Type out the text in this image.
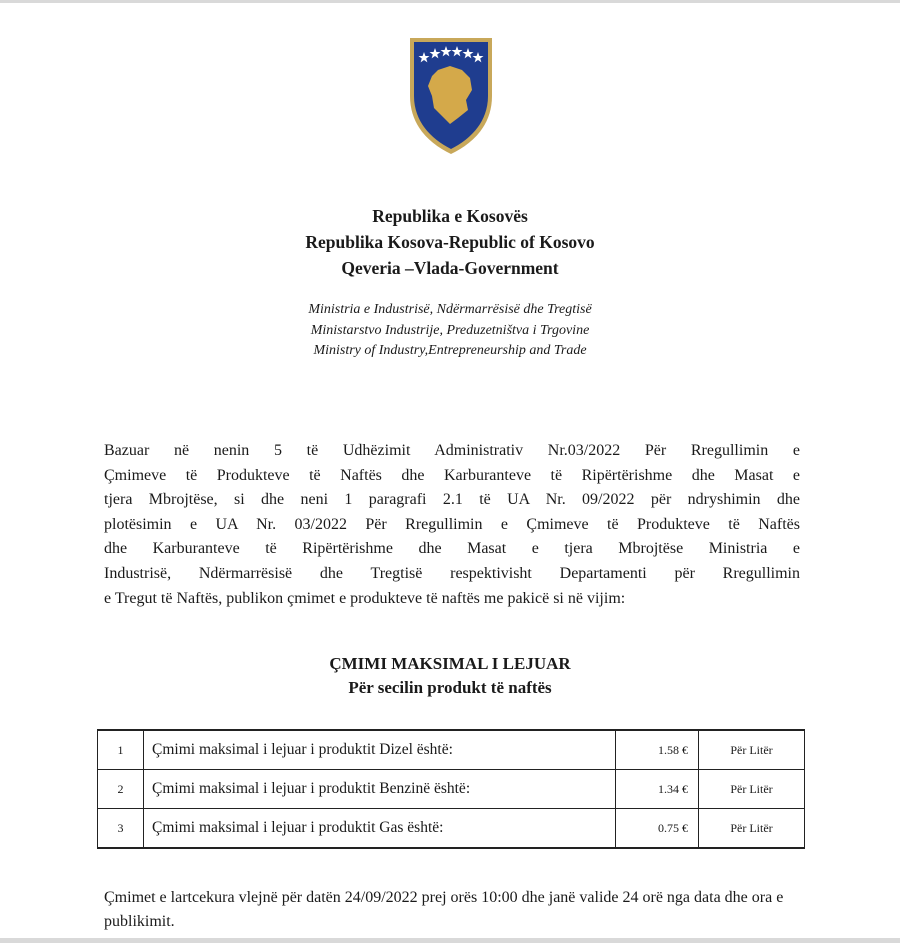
Republika e Kosovës
Republika Kosova-Republic of Kosovo
Qeveria –Vlada-Government
Ministria e Industrisë, Ndërmarrësisë dhe Tregtisë
Ministarstvo Industrije, Preduzetništva i Trgovine
Ministry of Industry,Entrepreneurship and Trade

Bazuar në nenin 5 të Udhëzimit Administrativ Nr.03/2022 Për Rregullimin e
Çmimeve të Produkteve të Naftës dhe Karburanteve të Ripërtërishme dhe Masat e
tjera Mbrojtëse, si dhe neni 1 paragrafi 2.1 të UA Nr. 09/2022 për ndryshimin dhe
plotësimin e UA Nr. 03/2022 Për Rregullimin e Çmimeve të Produkteve të Naftës
dhe Karburanteve të Ripërtërishme dhe Masat e tjera Mbrojtëse Ministria e
Industrisë, Ndërmarrësisë dhe Tregtisë respektivisht Departamenti për Rregullimin
e Tregut të Naftës, publikon çmimet e produkteve të naftës me pakicë si në vijim:

ÇMIMI MAKSIMAL I LEJUAR
Për secilin produkt të naftës
1	Çmimi maksimal i lejuar i produktit Dizel është:	1.58 €	Për Litër
2	Çmimi maksimal i lejuar i produktit Benzinë është:	1.34 €	Për Litër
3	Çmimi maksimal i lejuar i produktit Gas është:	0.75 €	Për Litër

Çmimet e lartcekura vlejnë për datën 24/09/2022 prej orës 10:00 dhe janë valide 24 orë nga data dhe ora e publikimit.
